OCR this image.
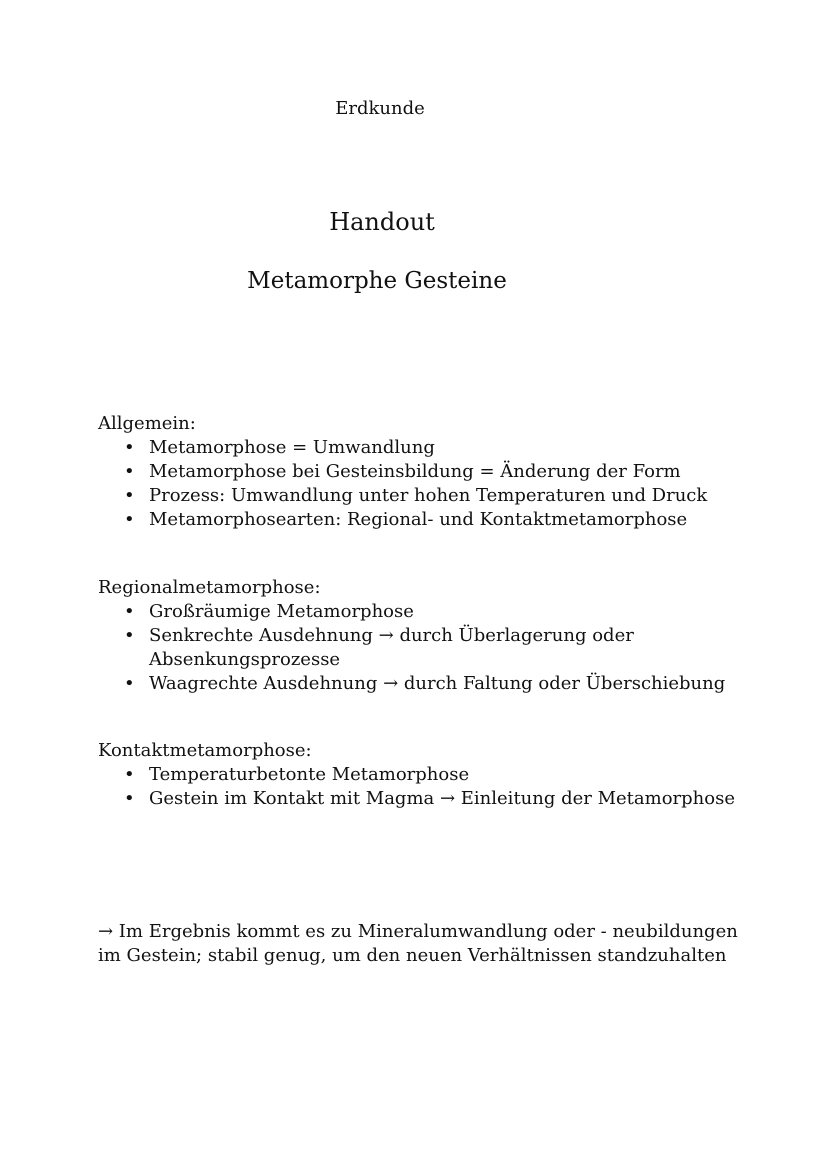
Erdkunde
Handout
Metamorphe Gesteine
Allgemein:
• Metamorphose = Umwandlung
• Metamorphose bei Gesteinsbildung = Änderung der Form
• Prozess: Umwandlung unter hohen Temperaturen und Druck
• Metamorphosearten: Regional- und Kontaktmetamorphose
Regionalmetamorphose:
• Großräumige Metamorphose
• Senkrechte Ausdehnung → durch Überlagerung oder Absenkungsprozesse
• Waagrechte Ausdehnung → durch Faltung oder Überschiebung
Kontaktmetamorphose:
• Temperaturbetonte Metamorphose
• Gestein im Kontakt mit Magma → Einleitung der Metamorphose

→ Im Ergebnis kommt es zu Mineralumwandlung oder - neubildungen im Gestein; stabil genug, um den neuen Verhältnissen standzuhalten
